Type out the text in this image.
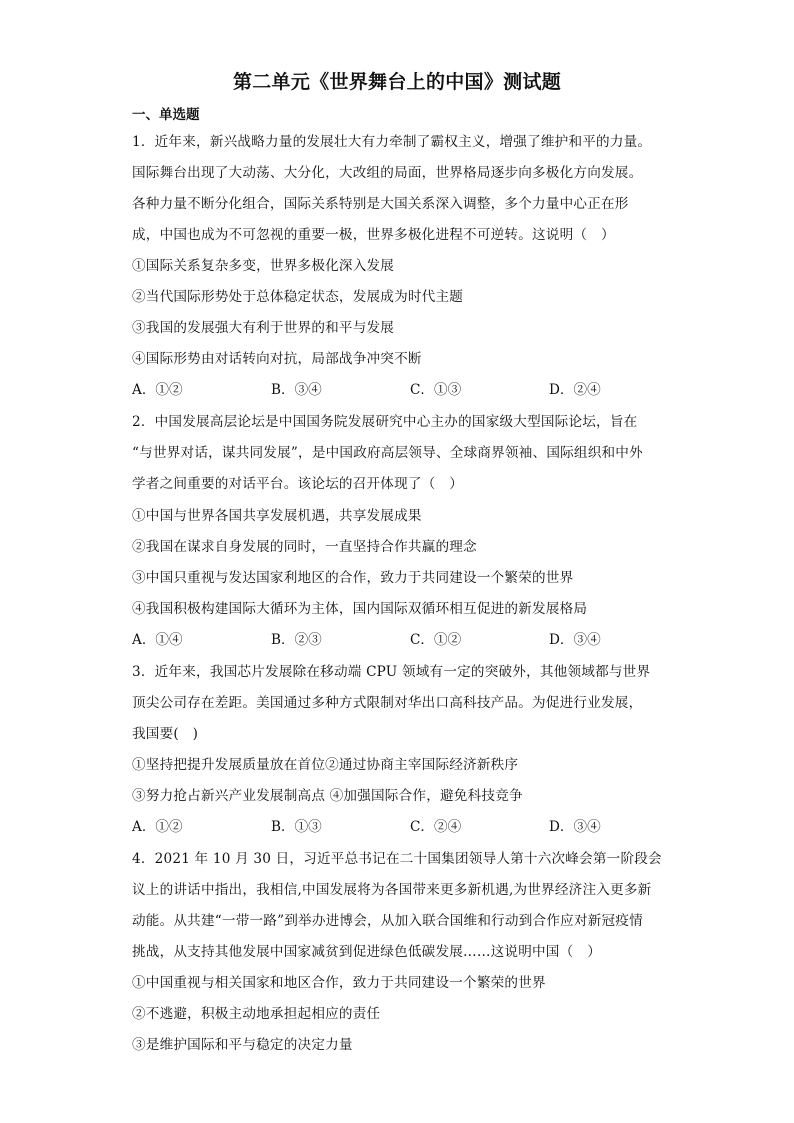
第二单元《世界舞台上的中国》测试题
一、单选题
1．近年来，新兴战略力量的发展壮大有力牵制了霸权主义，增强了维护和平的力量。
国际舞台出现了大动荡、大分化，大改组的局面，世界格局逐步向多极化方向发展。
各种力量不断分化组合，国际关系特别是大国关系深入调整，多个力量中心正在形
成，中国也成为不可忽视的重要一极，世界多极化进程不可逆转。这说明（　）
①国际关系复杂多变，世界多极化深入发展
②当代国际形势处于总体稳定状态，发展成为时代主题
③我国的发展强大有利于世界的和平与发展
④国际形势由对话转向对抗，局部战争冲突不断
A．①②	B．③④	C．①③	D．②④
2．中国发展高层论坛是中国国务院发展研究中心主办的国家级大型国际论坛，旨在
“与世界对话，谋共同发展”，是中国政府高层领导、全球商界领袖、国际组织和中外
学者之间重要的对话平台。该论坛的召开体现了（　）
①中国与世界各国共享发展机遇，共享发展成果
②我国在谋求自身发展的同时，一直坚持合作共赢的理念
③中国只重视与发达国家利地区的合作，致力于共同建设一个繁荣的世界
④我国积极构建国际大循环为主体，国内国际双循环相互促进的新发展格局
A．①④	B．②③	C．①②	D．③④
3．近年来，我国芯片发展除在移动端 CPU 领域有一定的突破外，其他领域都与世界
顶尖公司存在差距。美国通过多种方式限制对华出口高科技产品。为促进行业发展，
我国要(　)
①坚持把提升发展质量放在首位②通过协商主宰国际经济新秩序
③努力抢占新兴产业发展制高点 ④加强国际合作，避免科技竞争
A．①②	B．①③	C．②④	D．③④
4．2021 年 10 月 30 日，习近平总书记在二十国集团领导人第十六次峰会第一阶段会
议上的讲话中指出，我相信,中国发展将为各国带来更多新机遇,为世界经济注入更多新
动能。从共建“一带一路”到举办进博会，从加入联合国维和行动到合作应对新冠疫情
挑战，从支持其他发展中国家减贫到促进绿色低碳发展……这说明中国（　）
①中国重视与相关国家和地区合作，致力于共同建设一个繁荣的世界
②不逃避，积极主动地承担起相应的责任
③是维护国际和平与稳定的决定力量
